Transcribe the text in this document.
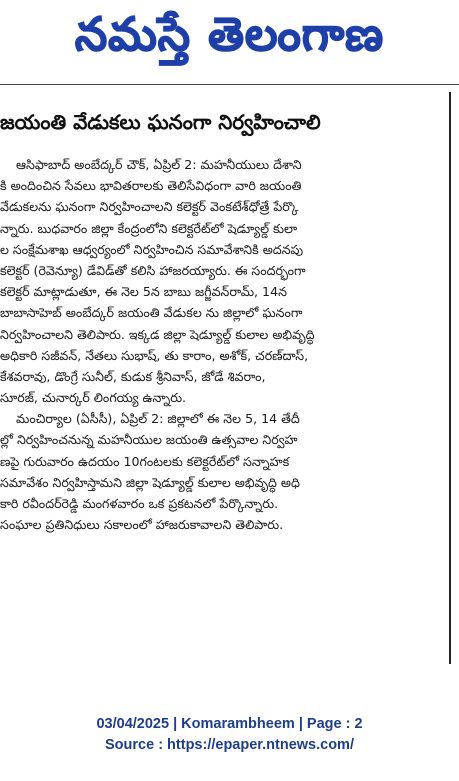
నమస్తే తెలంగాణ
జయంతి వేడుకలు ఘనంగా నిర్వహించాలి
ఆసిఫాబాద్ అంబేద్కర్ చౌక్, ఏప్రిల్ 2: మహనీయులు దేశాని
కి అందించిన సేవలు భావితరాలకు తెలిసేవిధంగా వారి జయంతి
వేడుకలను ఘనంగా నిర్వహించాలని కలెక్టర్ వెంకటేశ్‌ధోత్రే పేర్కొ
న్నారు. బుధవారం జిల్లా కేంద్రంలోని కలెక్టరేట్‌లో షెడ్యూల్డ్ కులా
ల సంక్షేమశాఖ ఆధ్వర్యంలో నిర్వహించిన సమావేశానికి అదనపు
కలెక్టర్ (రెవెన్యూ) డేవిడ్‌తో కలిసి హాజరయ్యారు. ఈ సందర్భంగా
కలెక్టర్ మాట్లాడుతూ, ఈ నెల 5న బాబు జగ్జీవన్‌రామ్, 14న
బాబాసాహెబ్ అంబేద్కర్ జయంతి వేడుకల ను జిల్లాలో ఘనంగా
నిర్వహించాలని తెలిపారు. ఇక్కడ జిల్లా షెడ్యూల్డ్ కులాల అభివృద్ధి
అధికారి సజీవన్, నేతలు సుభాష్, తు కారాం, అశోక్, చరణ్‌దాస్,
కేశవరావు, డొంగ్రే సునీల్, కుడుక శ్రీనివాస్, జోడే శివరాం,
సూరజ్, చునార్కర్ లింగయ్య ఉన్నారు.
మంచిర్యాల (ఏసీసీ), ఏప్రిల్ 2: జిల్లాలో ఈ నెల 5, 14 తేదీ
ల్లో నిర్వహించనున్న మహనీయుల జయంతి ఉత్సవాల నిర్వహ
ణపై గురువారం ఉదయం 10గంటలకు కలెక్టరేట్‌లో సన్నాహక
సమావేశం నిర్వహిస్తామని జిల్లా షెడ్యూల్డ్ కులాల అభివృద్ధి అధి
కారి రవీందర్‌రెడ్డి మంగళవారం ఒక ప్రకటనలో పేర్కొన్నారు.
సంఘాల ప్రతినిధులు సకాలంలో హాజరుకావాలని తెలిపారు.
03/04/2025 | Komarambheem | Page : 2
Source : https://epaper.ntnews.com/
